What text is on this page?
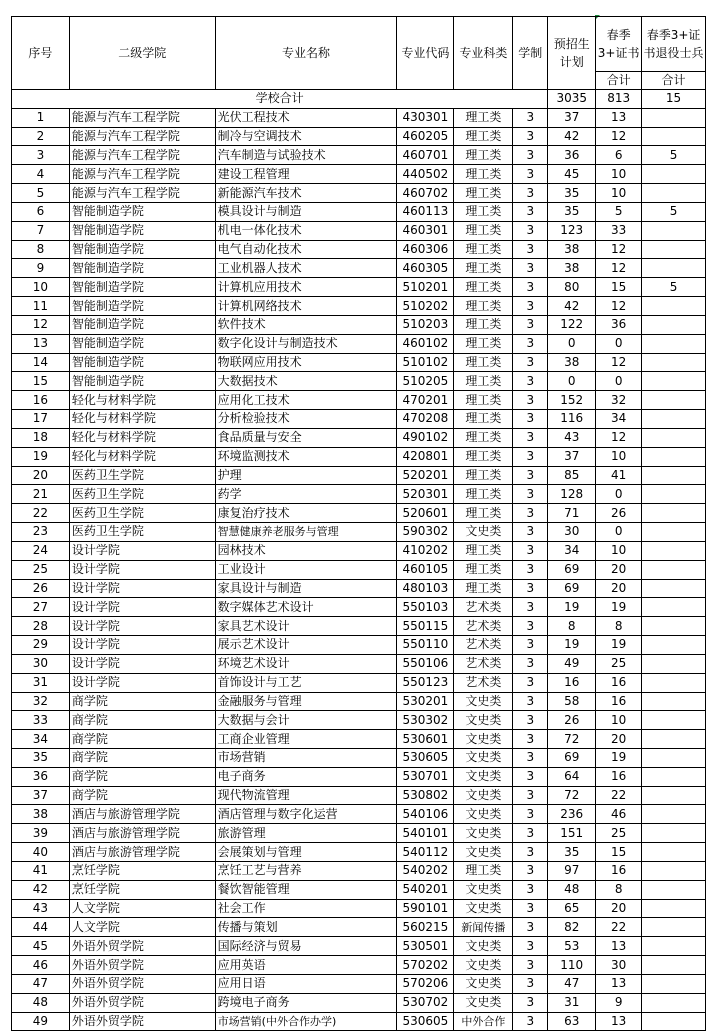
序号	二级学院	专业名称	专业代码	专业科类	学制	预招生计划	春季3+证书	春季3+证书退役士兵
							合计	合计
学校合计						3035	813	15
1	能源与汽车工程学院	光伏工程技术	430301	理工类	3	37	13	
2	能源与汽车工程学院	制冷与空调技术	460205	理工类	3	42	12	
3	能源与汽车工程学院	汽车制造与试验技术	460701	理工类	3	36	6	5
4	能源与汽车工程学院	建设工程管理	440502	理工类	3	45	10	
5	能源与汽车工程学院	新能源汽车技术	460702	理工类	3	35	10	
6	智能制造学院	模具设计与制造	460113	理工类	3	35	5	5
7	智能制造学院	机电一体化技术	460301	理工类	3	123	33	
8	智能制造学院	电气自动化技术	460306	理工类	3	38	12	
9	智能制造学院	工业机器人技术	460305	理工类	3	38	12	
10	智能制造学院	计算机应用技术	510201	理工类	3	80	15	5
11	智能制造学院	计算机网络技术	510202	理工类	3	42	12	
12	智能制造学院	软件技术	510203	理工类	3	122	36	
13	智能制造学院	数字化设计与制造技术	460102	理工类	3	0	0	
14	智能制造学院	物联网应用技术	510102	理工类	3	38	12	
15	智能制造学院	大数据技术	510205	理工类	3	0	0	
16	轻化与材料学院	应用化工技术	470201	理工类	3	152	32	
17	轻化与材料学院	分析检验技术	470208	理工类	3	116	34	
18	轻化与材料学院	食品质量与安全	490102	理工类	3	43	12	
19	轻化与材料学院	环境监测技术	420801	理工类	3	37	10	
20	医药卫生学院	护理	520201	理工类	3	85	41	
21	医药卫生学院	药学	520301	理工类	3	128	0	
22	医药卫生学院	康复治疗技术	520601	理工类	3	71	26	
23	医药卫生学院	智慧健康养老服务与管理	590302	文史类	3	30	0	
24	设计学院	园林技术	410202	理工类	3	34	10	
25	设计学院	工业设计	460105	理工类	3	69	20	
26	设计学院	家具设计与制造	480103	理工类	3	69	20	
27	设计学院	数字媒体艺术设计	550103	艺术类	3	19	19	
28	设计学院	家具艺术设计	550115	艺术类	3	8	8	
29	设计学院	展示艺术设计	550110	艺术类	3	19	19	
30	设计学院	环境艺术设计	550106	艺术类	3	49	25	
31	设计学院	首饰设计与工艺	550123	艺术类	3	16	16	
32	商学院	金融服务与管理	530201	文史类	3	58	16	
33	商学院	大数据与会计	530302	文史类	3	26	10	
34	商学院	工商企业管理	530601	文史类	3	72	20	
35	商学院	市场营销	530605	文史类	3	69	19	
36	商学院	电子商务	530701	文史类	3	64	16	
37	商学院	现代物流管理	530802	文史类	3	72	22	
38	酒店与旅游管理学院	酒店管理与数字化运营	540106	文史类	3	236	46	
39	酒店与旅游管理学院	旅游管理	540101	文史类	3	151	25	
40	酒店与旅游管理学院	会展策划与管理	540112	文史类	3	35	15	
41	烹饪学院	烹饪工艺与营养	540202	理工类	3	97	16	
42	烹饪学院	餐饮智能管理	540201	文史类	3	48	8	
43	人文学院	社会工作	590101	文史类	3	65	20	
44	人文学院	传播与策划	560215	新闻传播	3	82	22	
45	外语外贸学院	国际经济与贸易	530501	文史类	3	53	13	
46	外语外贸学院	应用英语	570202	文史类	3	110	30	
47	外语外贸学院	应用日语	570206	文史类	3	47	13	
48	外语外贸学院	跨境电子商务	530702	文史类	3	31	9	
49	外语外贸学院	市场营销(中外合作办学)	530605	中外合作	3	63	13	
